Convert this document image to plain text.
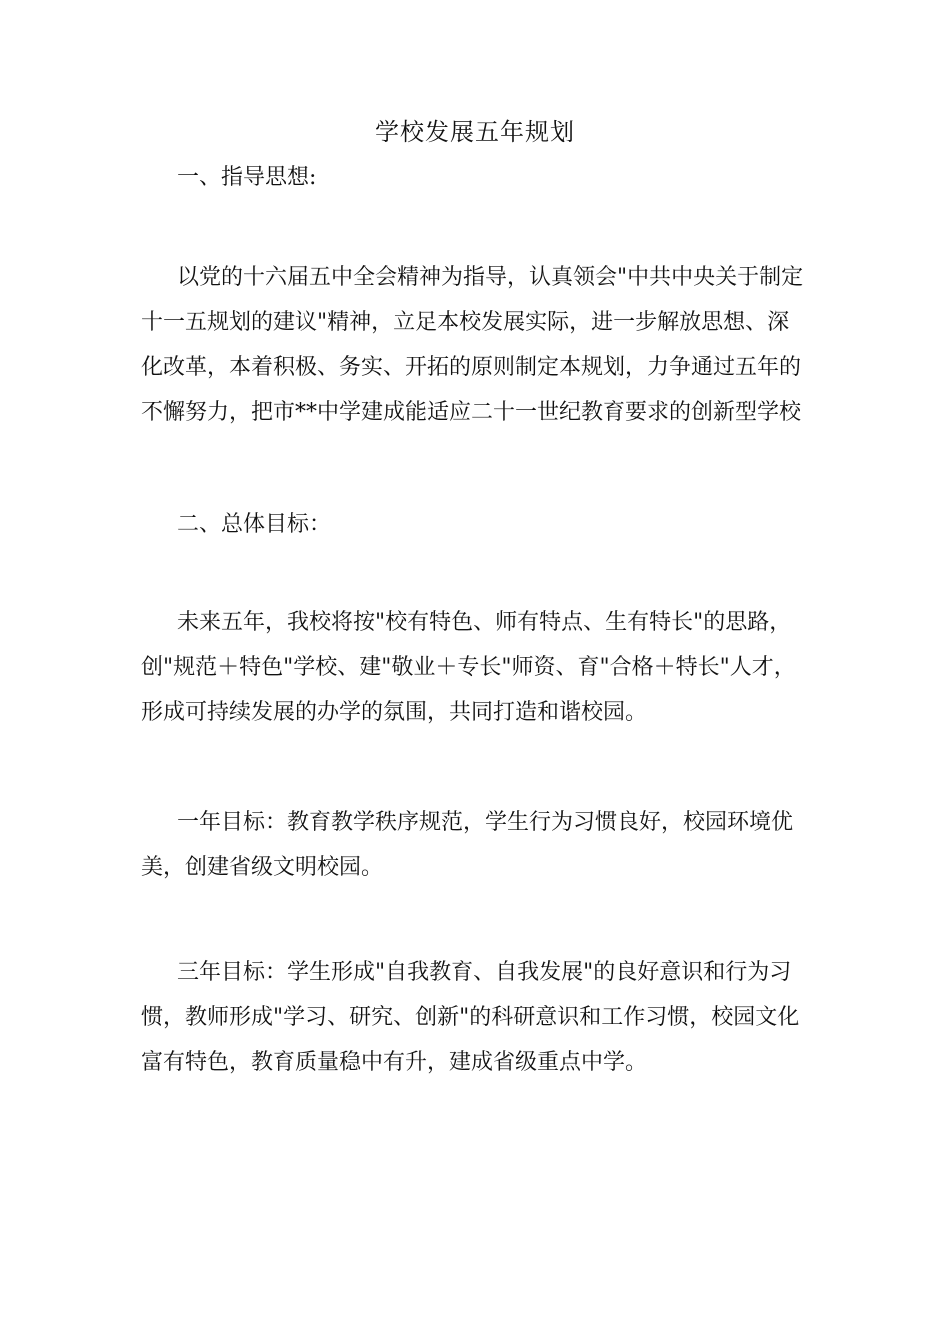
学校发展五年规划
一、指导思想:
以党的十六届五中全会精神为指导，认真领会"中共中央关于制定
十一五规划的建议"精神，立足本校发展实际，进一步解放思想、深
化改革，本着积极、务实、开拓的原则制定本规划，力争通过五年的
不懈努力，把市**中学建成能适应二十一世纪教育要求的创新型学校
二、总体目标：
未来五年，我校将按"校有特色、师有特点、生有特长"的思路，
创"规范＋特色"学校、建"敬业＋专长"师资、育"合格＋特长"人才，
形成可持续发展的办学的氛围，共同打造和谐校园。
一年目标：教育教学秩序规范，学生行为习惯良好，校园环境优
美，创建省级文明校园。
三年目标：学生形成"自我教育、自我发展"的良好意识和行为习
惯，教师形成"学习、研究、创新"的科研意识和工作习惯，校园文化
富有特色，教育质量稳中有升，建成省级重点中学。
